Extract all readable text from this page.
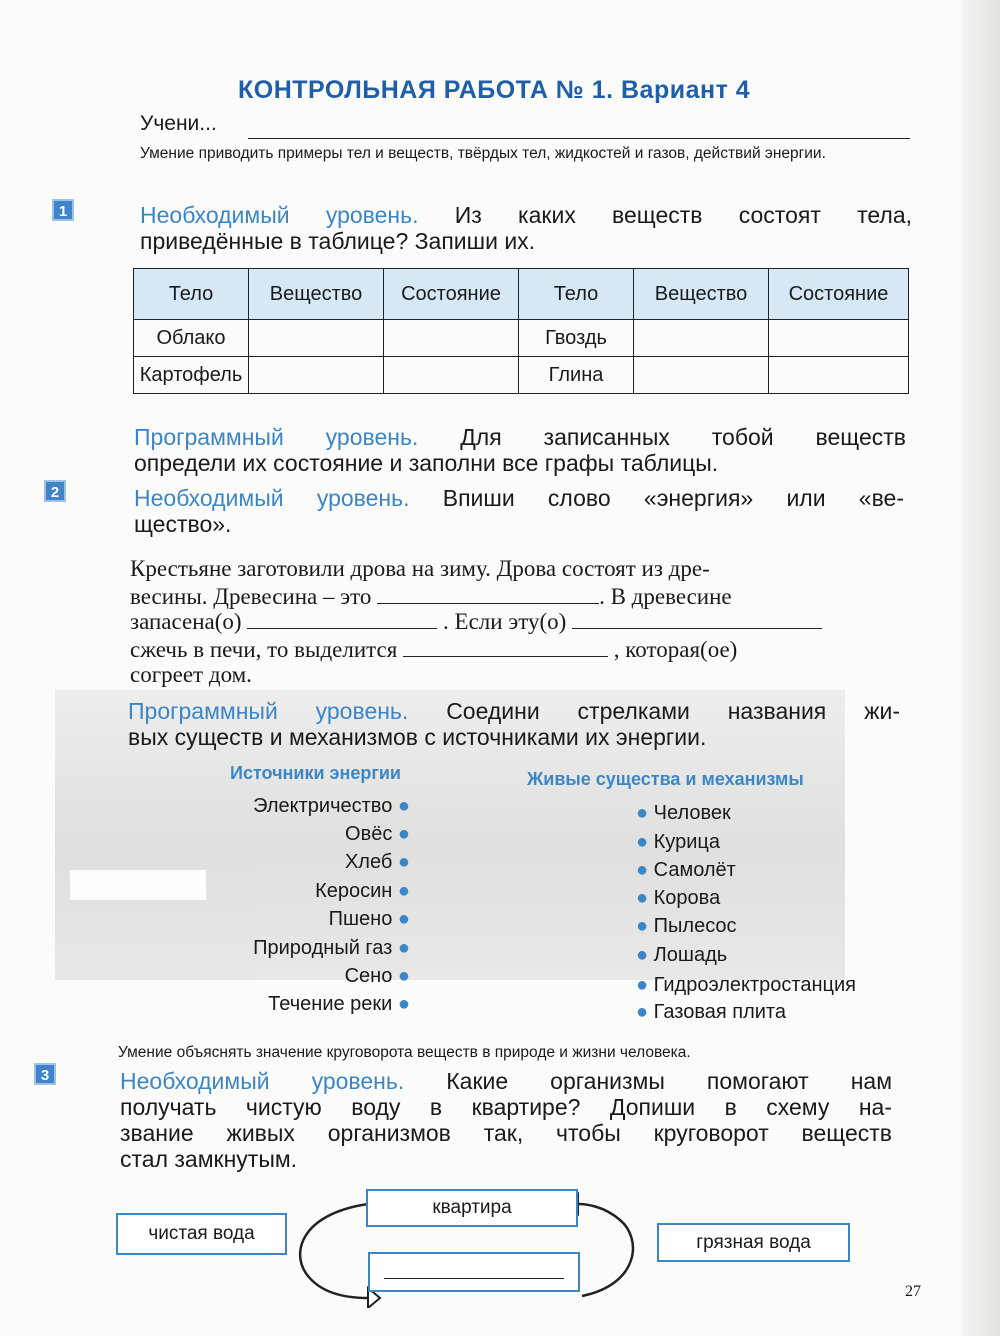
КОНТРОЛЬНАЯ РАБОТА № 1. Вариант 4
Учени...
Умение приводить примеры тел и веществ, твёрдых тел, жидкостей и газов, действий энергии.
1	Необходимый уровень. Из каких веществ состоят тела,
приведённые в таблице? Запиши их.
Тело	Вещество	Состояние	Тело	Вещество	Состояние
Облако			Гвоздь		
Картофель			Глина		
Программный уровень. Для записанных тобой веществ
определи их состояние и заполни все графы таблицы.
2	Необходимый уровень. Впиши слово «энергия» или «ве-
щество».
Крестьяне заготовили дрова на зиму. Дрова состоят из дре-
весины. Древесина – это	. В древесине
запасена(о)	. Если эту(о)
сжечь в печи, то выделится	, которая(ое)
согреет дом.
Программный уровень. Соедини стрелками названия жи-
вых существ и механизмов с источниками их энергии.
Источники энергии	Живые существа и механизмы
Электричество ●
Овёс ●
Хлеб ●
Керосин ●
Пшено ●
Природный газ ●
Сено ●
Течение реки ●
● Человек
● Курица
● Самолёт
● Корова
● Пылесос
● Лошадь
● Гидроэлектростанция
● Газовая плита
Умение объяснять значение круговорота веществ в природе и жизни человека.
3	Необходимый уровень. Какие организмы помогают нам
получать чистую воду в квартире? Допиши в схему на-
звание живых организмов так, чтобы круговорот веществ
стал замкнутым.
квартира
чистая вода	грязная вода
27
